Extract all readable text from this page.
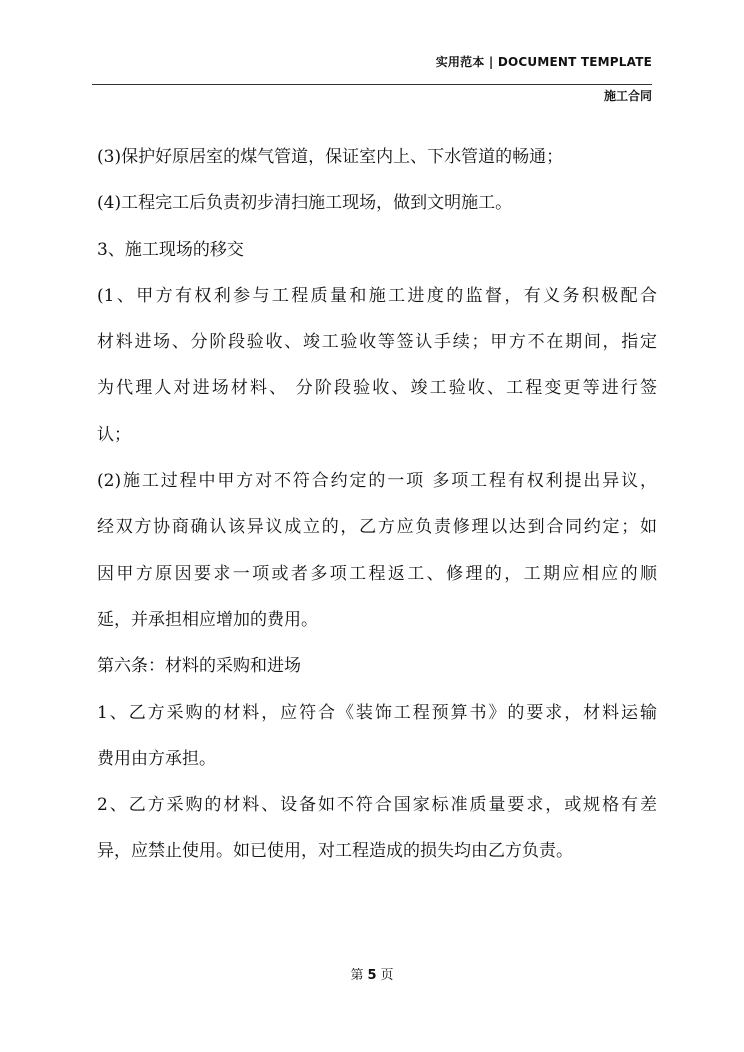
实用范本 | DOCUMENT TEMPLATE
施工合同

(3)保护好原居室的煤气管道，保证室内上、下水管道的畅通；

(4)工程完工后负责初步清扫施工现场，做到文明施工。

3、施工现场的移交

(1、甲方有权利参与工程质量和施工进度的监督，有义务积极配合
材料进场、分阶段验收、竣工验收等签认手续；甲方不在期间，指定
为代理人对进场材料、 分阶段验收、竣工验收、工程变更等进行签
认；

(2)施工过程中甲方对不符合约定的一项 多项工程有权利提出异议，
经双方协商确认该异议成立的，乙方应负责修理以达到合同约定；如
因甲方原因要求一项或者多项工程返工、修理的，工期应相应的顺
延，并承担相应增加的费用。

第六条：材料的采购和进场

1、乙方采购的材料，应符合《装饰工程预算书》的要求，材料运输
费用由方承担。

2、乙方采购的材料、设备如不符合国家标准质量要求，或规格有差
异，应禁止使用。如已使用，对工程造成的损失均由乙方负责。

第 5 页
